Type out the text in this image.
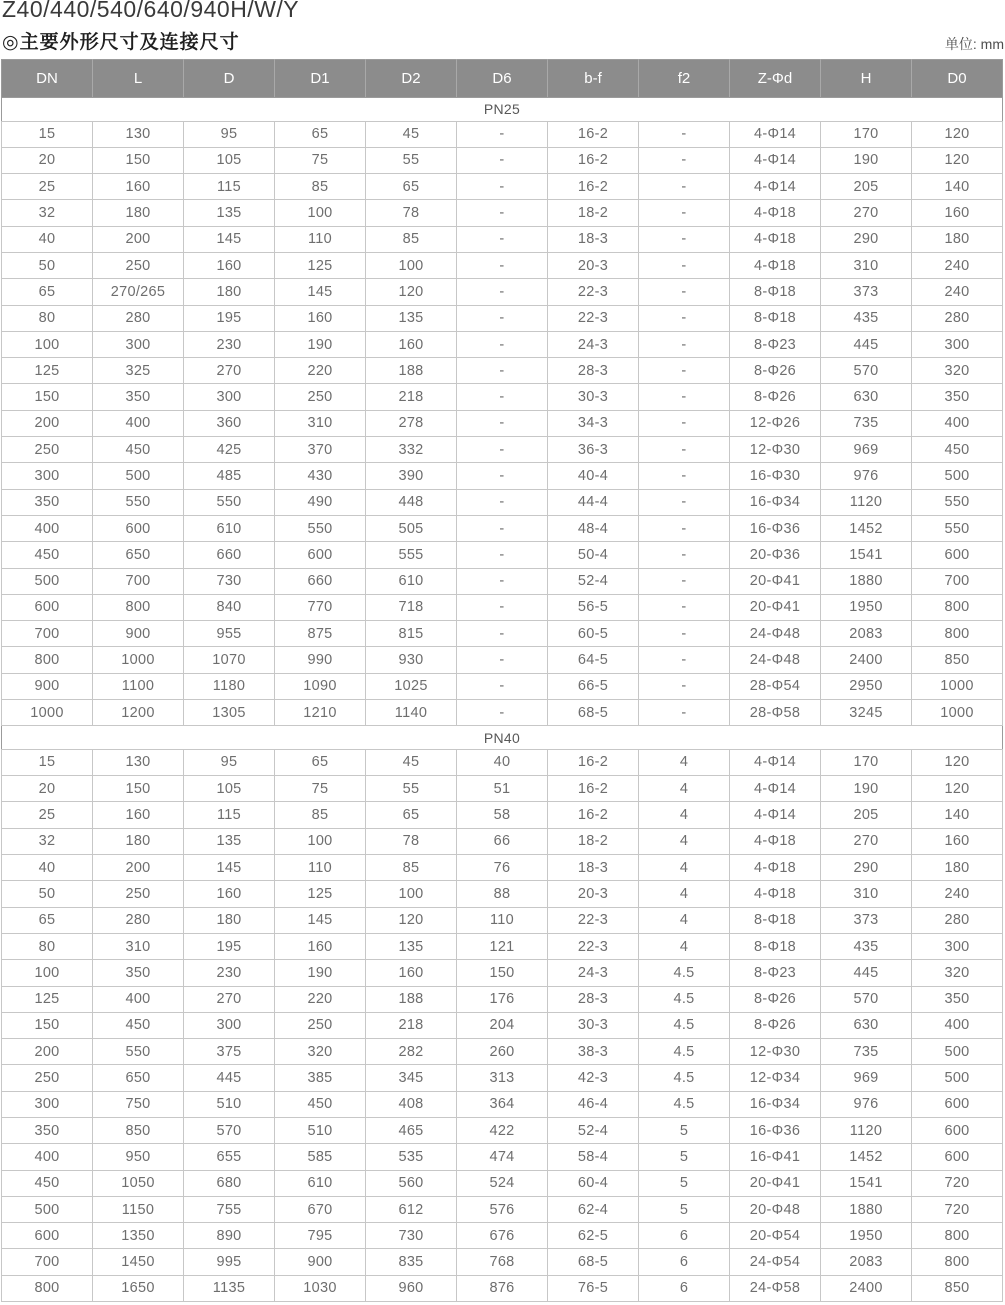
Z40/440/540/640/940H/W/Y
◎主要外形尺寸及连接尺寸	单位: mm
DN	L	D	D1	D2	D6	b-f	f2	Z-Φd	H	D0
PN25										
15	130	95	65	45	-	16-2	-	4-Φ14	170	120
20	150	105	75	55	-	16-2	-	4-Φ14	190	120
25	160	115	85	65	-	16-2	-	4-Φ14	205	140
32	180	135	100	78	-	18-2	-	4-Φ18	270	160
40	200	145	110	85	-	18-3	-	4-Φ18	290	180
50	250	160	125	100	-	20-3	-	4-Φ18	310	240
65	270/265	180	145	120	-	22-3	-	8-Φ18	373	240
80	280	195	160	135	-	22-3	-	8-Φ18	435	280
100	300	230	190	160	-	24-3	-	8-Φ23	445	300
125	325	270	220	188	-	28-3	-	8-Φ26	570	320
150	350	300	250	218	-	30-3	-	8-Φ26	630	350
200	400	360	310	278	-	34-3	-	12-Φ26	735	400
250	450	425	370	332	-	36-3	-	12-Φ30	969	450
300	500	485	430	390	-	40-4	-	16-Φ30	976	500
350	550	550	490	448	-	44-4	-	16-Φ34	1120	550
400	600	610	550	505	-	48-4	-	16-Φ36	1452	550
450	650	660	600	555	-	50-4	-	20-Φ36	1541	600
500	700	730	660	610	-	52-4	-	20-Φ41	1880	700
600	800	840	770	718	-	56-5	-	20-Φ41	1950	800
700	900	955	875	815	-	60-5	-	24-Φ48	2083	800
800	1000	1070	990	930	-	64-5	-	24-Φ48	2400	850
900	1100	1180	1090	1025	-	66-5	-	28-Φ54	2950	1000
1000	1200	1305	1210	1140	-	68-5	-	28-Φ58	3245	1000
PN40										
15	130	95	65	45	40	16-2	4	4-Φ14	170	120
20	150	105	75	55	51	16-2	4	4-Φ14	190	120
25	160	115	85	65	58	16-2	4	4-Φ14	205	140
32	180	135	100	78	66	18-2	4	4-Φ18	270	160
40	200	145	110	85	76	18-3	4	4-Φ18	290	180
50	250	160	125	100	88	20-3	4	4-Φ18	310	240
65	280	180	145	120	110	22-3	4	8-Φ18	373	280
80	310	195	160	135	121	22-3	4	8-Φ18	435	300
100	350	230	190	160	150	24-3	4.5	8-Φ23	445	320
125	400	270	220	188	176	28-3	4.5	8-Φ26	570	350
150	450	300	250	218	204	30-3	4.5	8-Φ26	630	400
200	550	375	320	282	260	38-3	4.5	12-Φ30	735	500
250	650	445	385	345	313	42-3	4.5	12-Φ34	969	500
300	750	510	450	408	364	46-4	4.5	16-Φ34	976	600
350	850	570	510	465	422	52-4	5	16-Φ36	1120	600
400	950	655	585	535	474	58-4	5	16-Φ41	1452	600
450	1050	680	610	560	524	60-4	5	20-Φ41	1541	720
500	1150	755	670	612	576	62-4	5	20-Φ48	1880	720
600	1350	890	795	730	676	62-5	6	20-Φ54	1950	800
700	1450	995	900	835	768	68-5	6	24-Φ54	2083	800
800	1650	1135	1030	960	876	76-5	6	24-Φ58	2400	850
